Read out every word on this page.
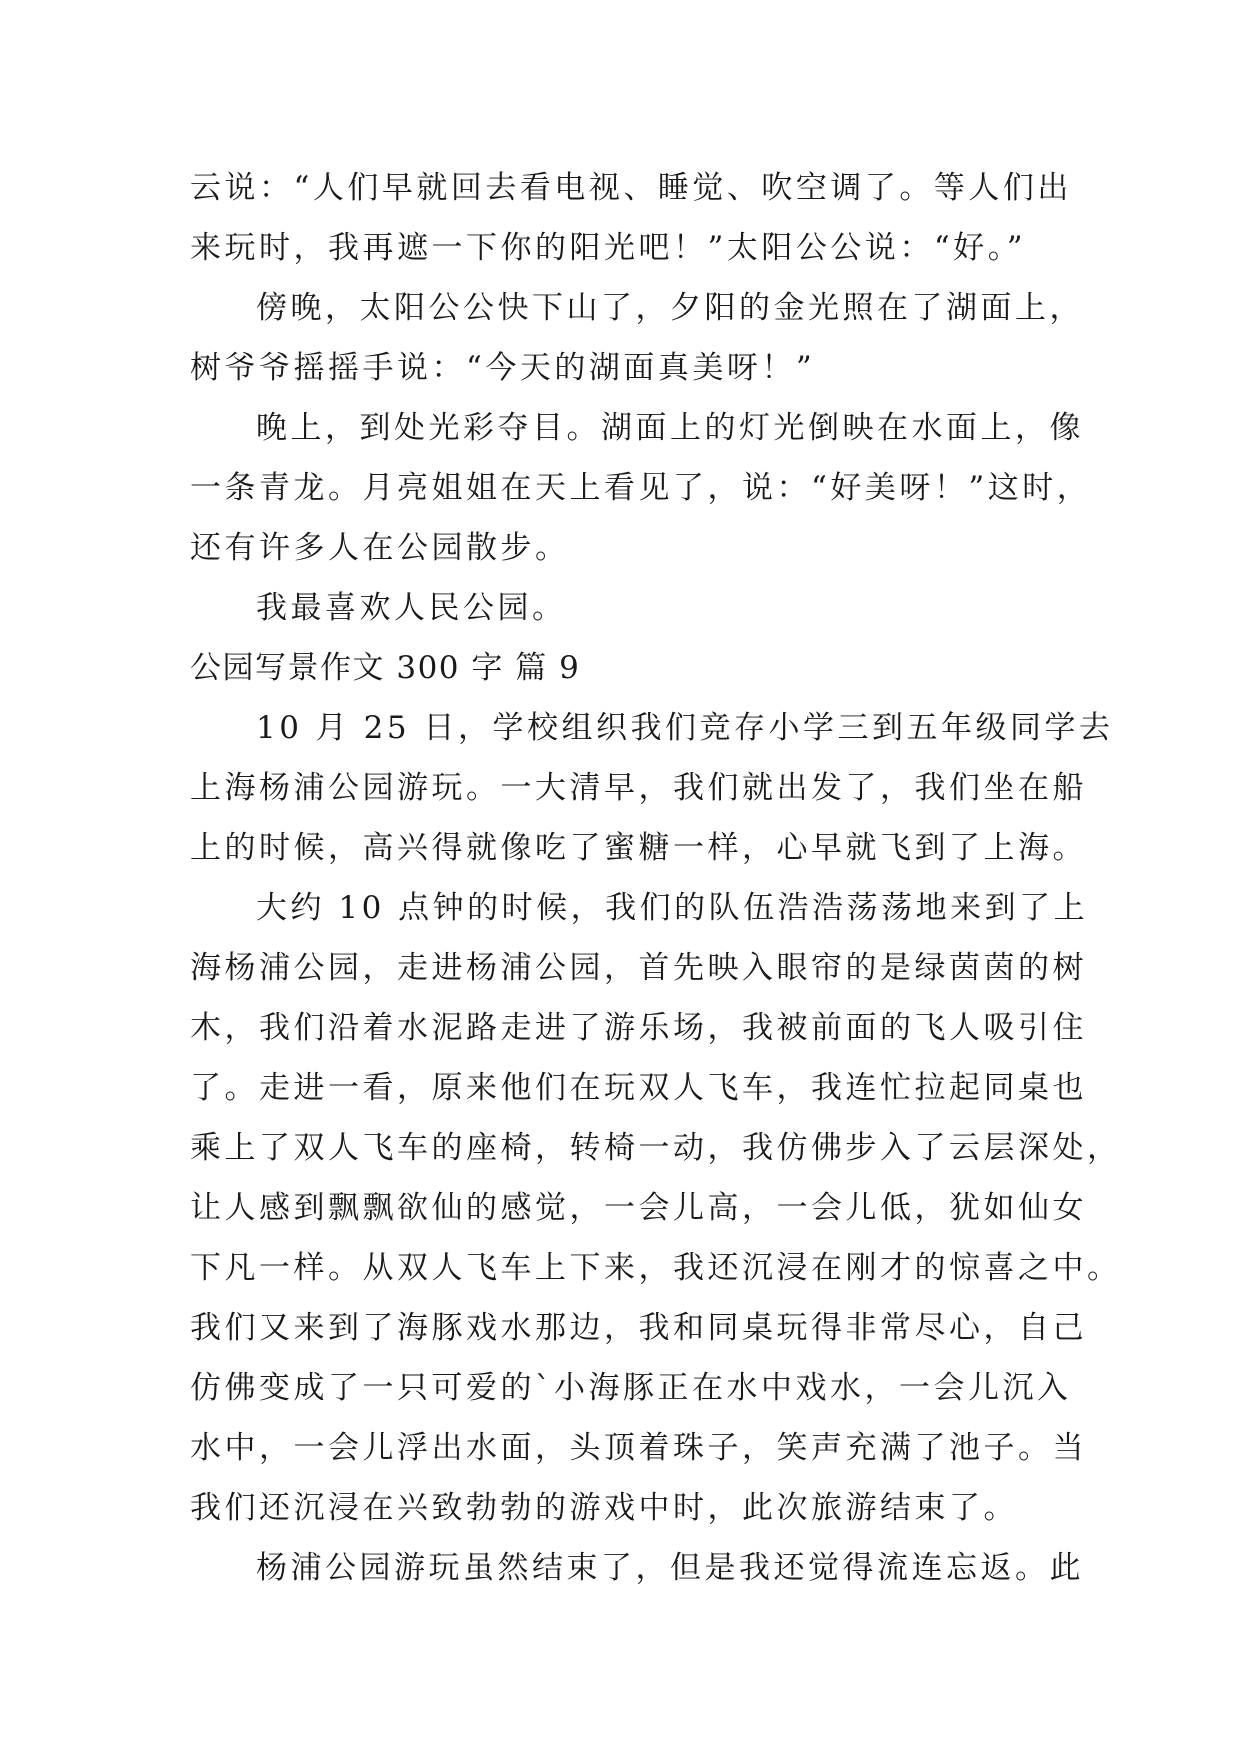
云说：“人们早就回去看电视、睡觉、吹空调了。等人们出
来玩时，我再遮一下你的阳光吧！”太阳公公说：“好。”
傍晚，太阳公公快下山了，夕阳的金光照在了湖面上，
树爷爷摇摇手说：“今天的湖面真美呀！”
晚上，到处光彩夺目。湖面上的灯光倒映在水面上，像
一条青龙。月亮姐姐在天上看见了，说：“好美呀！”这时，
还有许多人在公园散步。
我最喜欢人民公园。
公园写景作文 300 字 篇 9
10 月 25 日，学校组织我们竞存小学三到五年级同学去
上海杨浦公园游玩。一大清早，我们就出发了，我们坐在船
上的时候，高兴得就像吃了蜜糖一样，心早就飞到了上海。
大约 10 点钟的时候，我们的队伍浩浩荡荡地来到了上
海杨浦公园，走进杨浦公园，首先映入眼帘的是绿茵茵的树
木，我们沿着水泥路走进了游乐场，我被前面的飞人吸引住
了。走进一看，原来他们在玩双人飞车，我连忙拉起同桌也
乘上了双人飞车的座椅，转椅一动，我仿佛步入了云层深处，
让人感到飘飘欲仙的感觉，一会儿高，一会儿低，犹如仙女
下凡一样。从双人飞车上下来，我还沉浸在刚才的惊喜之中。
我们又来到了海豚戏水那边，我和同桌玩得非常尽心，自己
仿佛变成了一只可爱的`小海豚正在水中戏水，一会儿沉入
水中，一会儿浮出水面，头顶着珠子，笑声充满了池子。当
我们还沉浸在兴致勃勃的游戏中时，此次旅游结束了。
杨浦公园游玩虽然结束了，但是我还觉得流连忘返。此
